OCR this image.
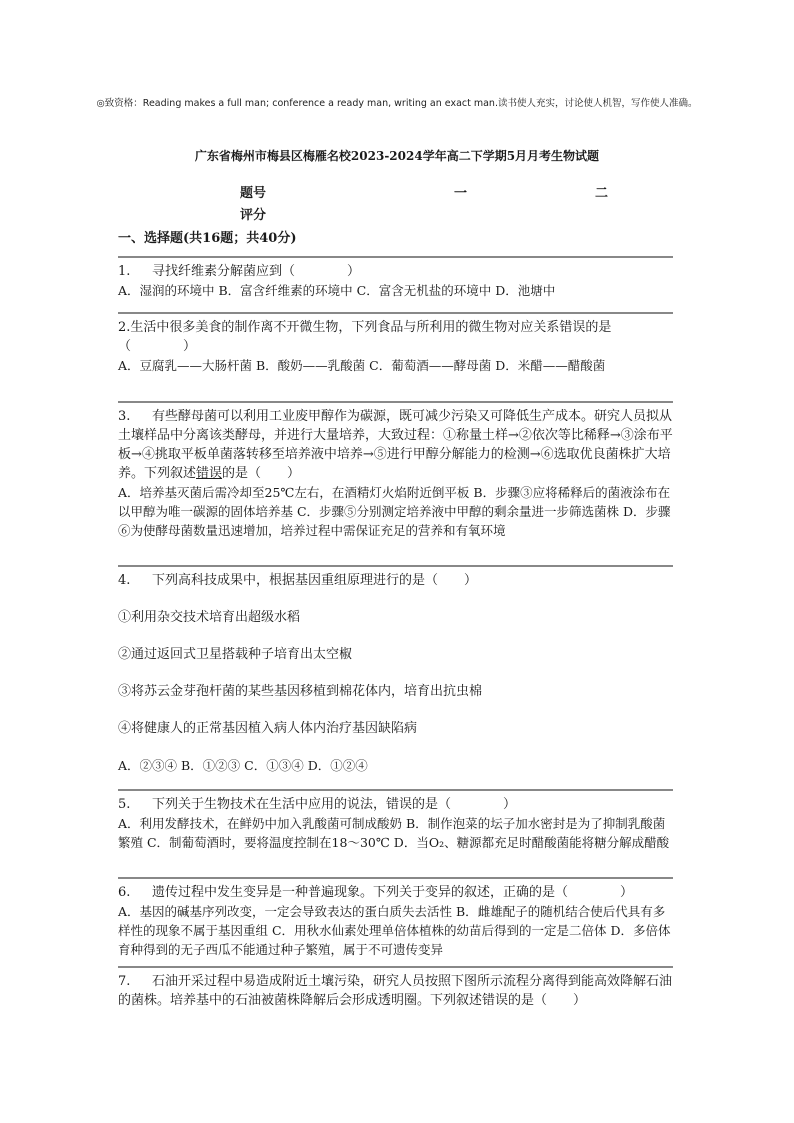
◎致资格：Reading makes a full man; conference a ready man, writing an exact man.读书使人充实，讨论使人机智，写作使人准确。
广东省梅州市梅县区梅雁名校2023-2024学年高二下学期5月月考生物试题
题号	一	二
评分
一、选择题(共16题；共40分)

1. 寻找纤维素分解菌应到（　　　　）

A．湿润的环境中 B．富含纤维素的环境中 C．富含无机盐的环境中 D．池塘中

2.生活中很多美食的制作离不开微生物，下列食品与所利用的微生物对应关系错误的是（　　　　）

A．豆腐乳——大肠杆菌 B．酸奶——乳酸菌 C．葡萄酒——酵母菌 D．米醋——醋酸菌

3. 有些酵母菌可以利用工业废甲醇作为碳源，既可减少污染又可降低生产成本。研究人员拟从土壤样品中分离该类酵母，并进行大量培养，大致过程：①称量土样→②依次等比稀释→③涂布平板→④挑取平板单菌落转移至培养液中培养→⑤进行甲醇分解能力的检测→⑥选取优良菌株扩大培养。下列叙述错误的是（　　）

A．培养基灭菌后需冷却至25℃左右，在酒精灯火焰附近倒平板 B．步骤③应将稀释后的菌液涂布在以甲醇为唯一碳源的固体培养基 C．步骤⑤分别测定培养液中甲醇的剩余量进一步筛选菌株 D．步骤⑥为使酵母菌数量迅速增加，培养过程中需保证充足的营养和有氧环境

4. 下列高科技成果中，根据基因重组原理进行的是（　　）

①利用杂交技术培育出超级水稻

②通过返回式卫星搭载种子培育出太空椒

③将苏云金芽孢杆菌的某些基因移植到棉花体内，培育出抗虫棉

④将健康人的正常基因植入病人体内治疗基因缺陷病

A．②③④ B．①②③ C．①③④ D．①②④

5. 下列关于生物技术在生活中应用的说法，错误的是（　　　　）

A．利用发酵技术，在鲜奶中加入乳酸菌可制成酸奶 B．制作泡菜的坛子加水密封是为了抑制乳酸菌繁殖 C．制葡萄酒时，要将温度控制在18～30℃ D．当O₂、糖源都充足时醋酸菌能将糖分解成醋酸

6. 遗传过程中发生变异是一种普遍现象。下列关于变异的叙述，正确的是（　　　　）

A．基因的碱基序列改变，一定会导致表达的蛋白质失去活性 B．雌雄配子的随机结合使后代具有多样性的现象不属于基因重组 C．用秋水仙素处理单倍体植株的幼苗后得到的一定是二倍体 D．多倍体育种得到的无子西瓜不能通过种子繁殖，属于不可遗传变异

7. 石油开采过程中易造成附近土壤污染，研究人员按照下图所示流程分离得到能高效降解石油的菌株。培养基中的石油被菌株降解后会形成透明圈。下列叙述错误的是（　　）
